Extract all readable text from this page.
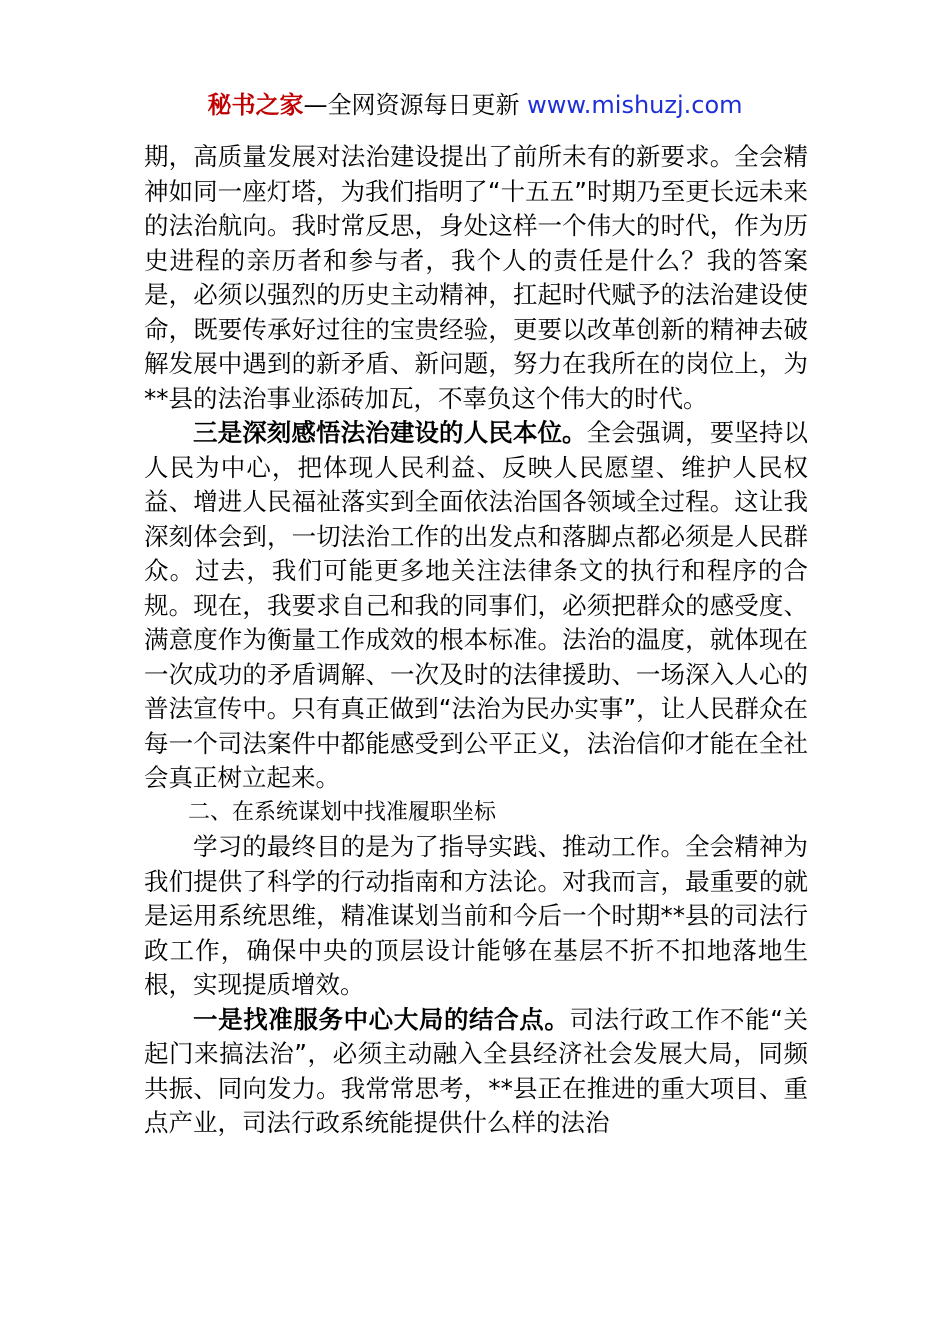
秘书之家—全网资源每日更新 www.mishuzj.com

期，高质量发展对法治建设提出了前所未有的新要求。全会精神如同一座灯塔，为我们指明了“十五五”时期乃至更长远未来的法治航向。我时常反思，身处这样一个伟大的时代，作为历史进程的亲历者和参与者，我个人的责任是什么？我的答案是，必须以强烈的历史主动精神，扛起时代赋予的法治建设使命，既要传承好过往的宝贵经验，更要以改革创新的精神去破解发展中遇到的新矛盾、新问题，努力在我所在的岗位上，为**县的法治事业添砖加瓦，不辜负这个伟大的时代。

三是深刻感悟法治建设的人民本位。全会强调，要坚持以人民为中心，把体现人民利益、反映人民愿望、维护人民权益、增进人民福祉落实到全面依法治国各领域全过程。这让我深刻体会到，一切法治工作的出发点和落脚点都必须是人民群众。过去，我们可能更多地关注法律条文的执行和程序的合规。现在，我要求自己和我的同事们，必须把群众的感受度、满意度作为衡量工作成效的根本标准。法治的温度，就体现在一次成功的矛盾调解、一次及时的法律援助、一场深入人心的普法宣传中。只有真正做到“法治为民办实事”，让人民群众在每一个司法案件中都能感受到公平正义，法治信仰才能在全社会真正树立起来。

二、在系统谋划中找准履职坐标

学习的最终目的是为了指导实践、推动工作。全会精神为我们提供了科学的行动指南和方法论。对我而言，最重要的就是运用系统思维，精准谋划当前和今后一个时期**县的司法行政工作，确保中央的顶层设计能够在基层不折不扣地落地生根，实现提质增效。

一是找准服务中心大局的结合点。司法行政工作不能“关起门来搞法治”，必须主动融入全县经济社会发展大局，同频共振、同向发力。我常常思考，**县正在推进的重大项目、重点产业，司法行政系统能提供什么样的法治
